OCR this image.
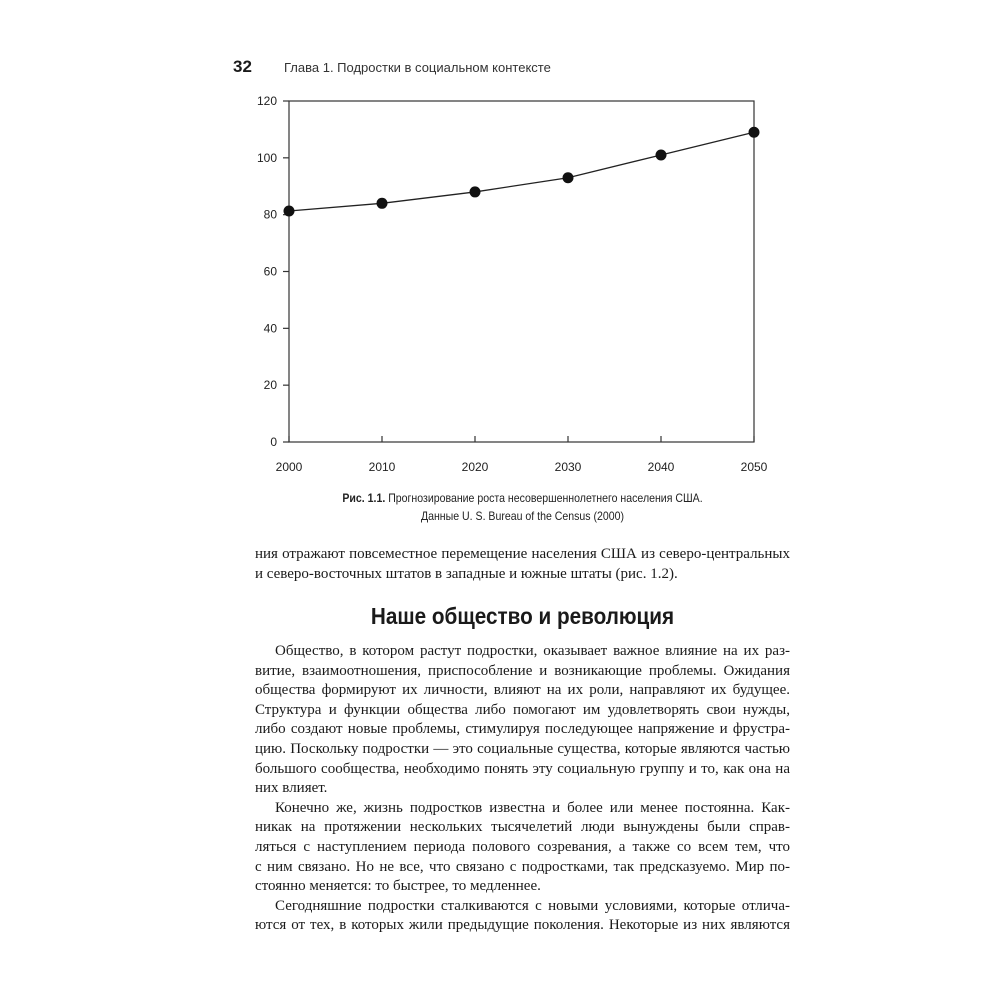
32 Глава 1. Подростки в социальном контексте
0
20
40
60
80
100
120
2000	2010	2020	2030	2040	2050
Рис. 1.1. Прогнозирование роста несовершеннолетнего населения США.
Данные U. S. Bureau of the Census (2000)
ния отражают повсеместное перемещение населения США из северо-центральных
и северо-восточных штатов в западные и южные штаты (рис. 1.2).
Наше общество и революция
Общество, в котором растут подростки, оказывает важное влияние на их раз-
витие, взаимоотношения, приспособление и возникающие проблемы. Ожидания
общества формируют их личности, влияют на их роли, направляют их будущее.
Структура и функции общества либо помогают им удовлетворять свои нужды,
либо создают новые проблемы, стимулируя последующее напряжение и фрустра-
цию. Поскольку подростки — это социальные существа, которые являются частью
большого сообщества, необходимо понять эту социальную группу и то, как она на
них влияет.
Конечно же, жизнь подростков известна и более или менее постоянна. Как-
никак на протяжении нескольких тысячелетий люди вынуждены были справ-
ляться с наступлением периода полового созревания, а также со всем тем, что
с ним связано. Но не все, что связано с подростками, так предсказуемо. Мир по-
стоянно меняется: то быстрее, то медленнее.
Сегодняшние подростки сталкиваются с новыми условиями, которые отлича-
ются от тех, в которых жили предыдущие поколения. Некоторые из них являются
